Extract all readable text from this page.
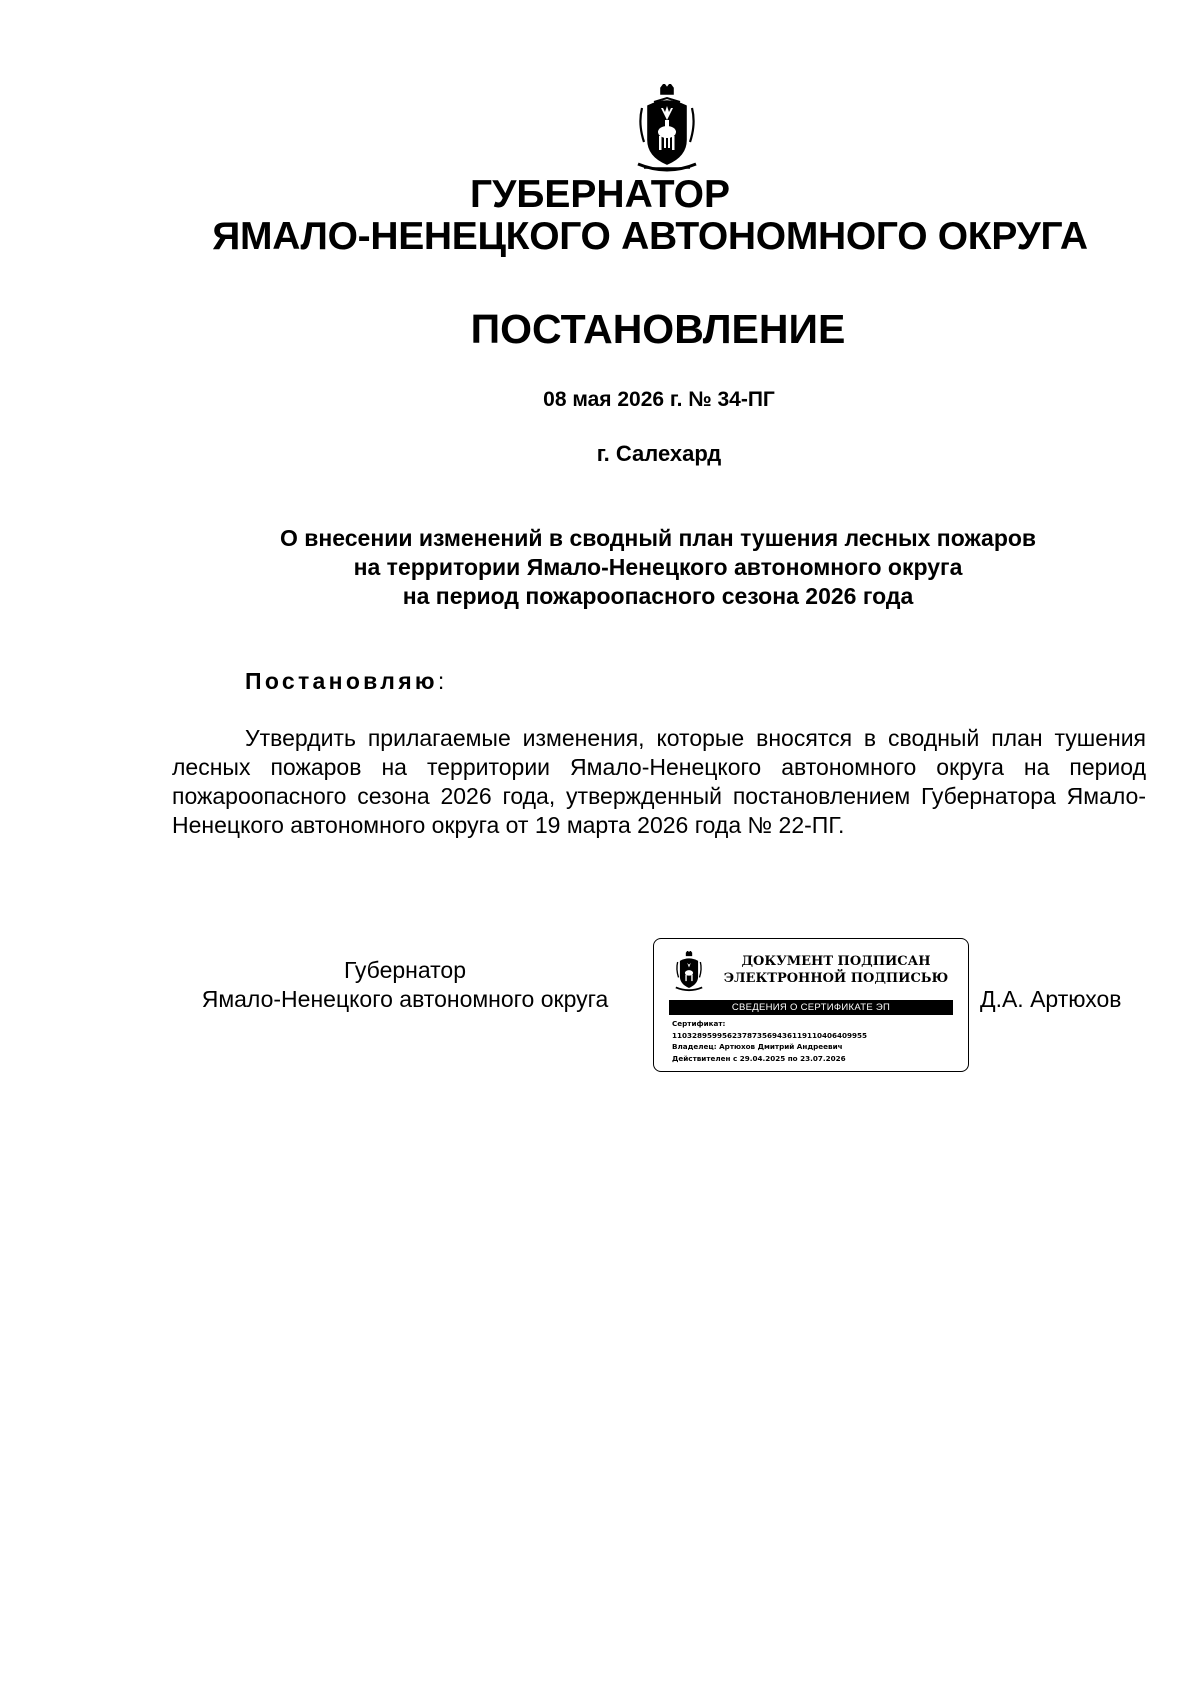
ГУБЕРНАТОР
ЯМАЛО-НЕНЕЦКОГО АВТОНОМНОГО ОКРУГА
ПОСТАНОВЛЕНИЕ
08 мая 2026 г. № 34-ПГ
г. Салехард
О внесении изменений в сводный план тушения лесных пожаров
на территории Ямало-Ненецкого автономного округа
на период пожароопасного сезона 2026 года
Постановляю:

Утвердить прилагаемые изменения, которые вносятся в сводный план тушения лесных пожаров на территории Ямало-Ненецкого автономного округа на период пожароопасного сезона 2026 года, утвержденный постановлением Губернатора Ямало-Ненецкого автономного округа от 19 марта 2026 года № 22-ПГ.

Губернатор
Ямало-Ненецкого автономного округа
ДОКУМЕНТ ПОДПИСАН
ЭЛЕКТРОННОЙ ПОДПИСЬЮ
СВЕДЕНИЯ О СЕРТИФИКАТЕ ЭП
Сертификат:
110328959956237873569436119110406409955
Владелец: Артюхов Дмитрий Андреевич
Действителен с 29.04.2025 по 23.07.2026
Д.А. Артюхов
